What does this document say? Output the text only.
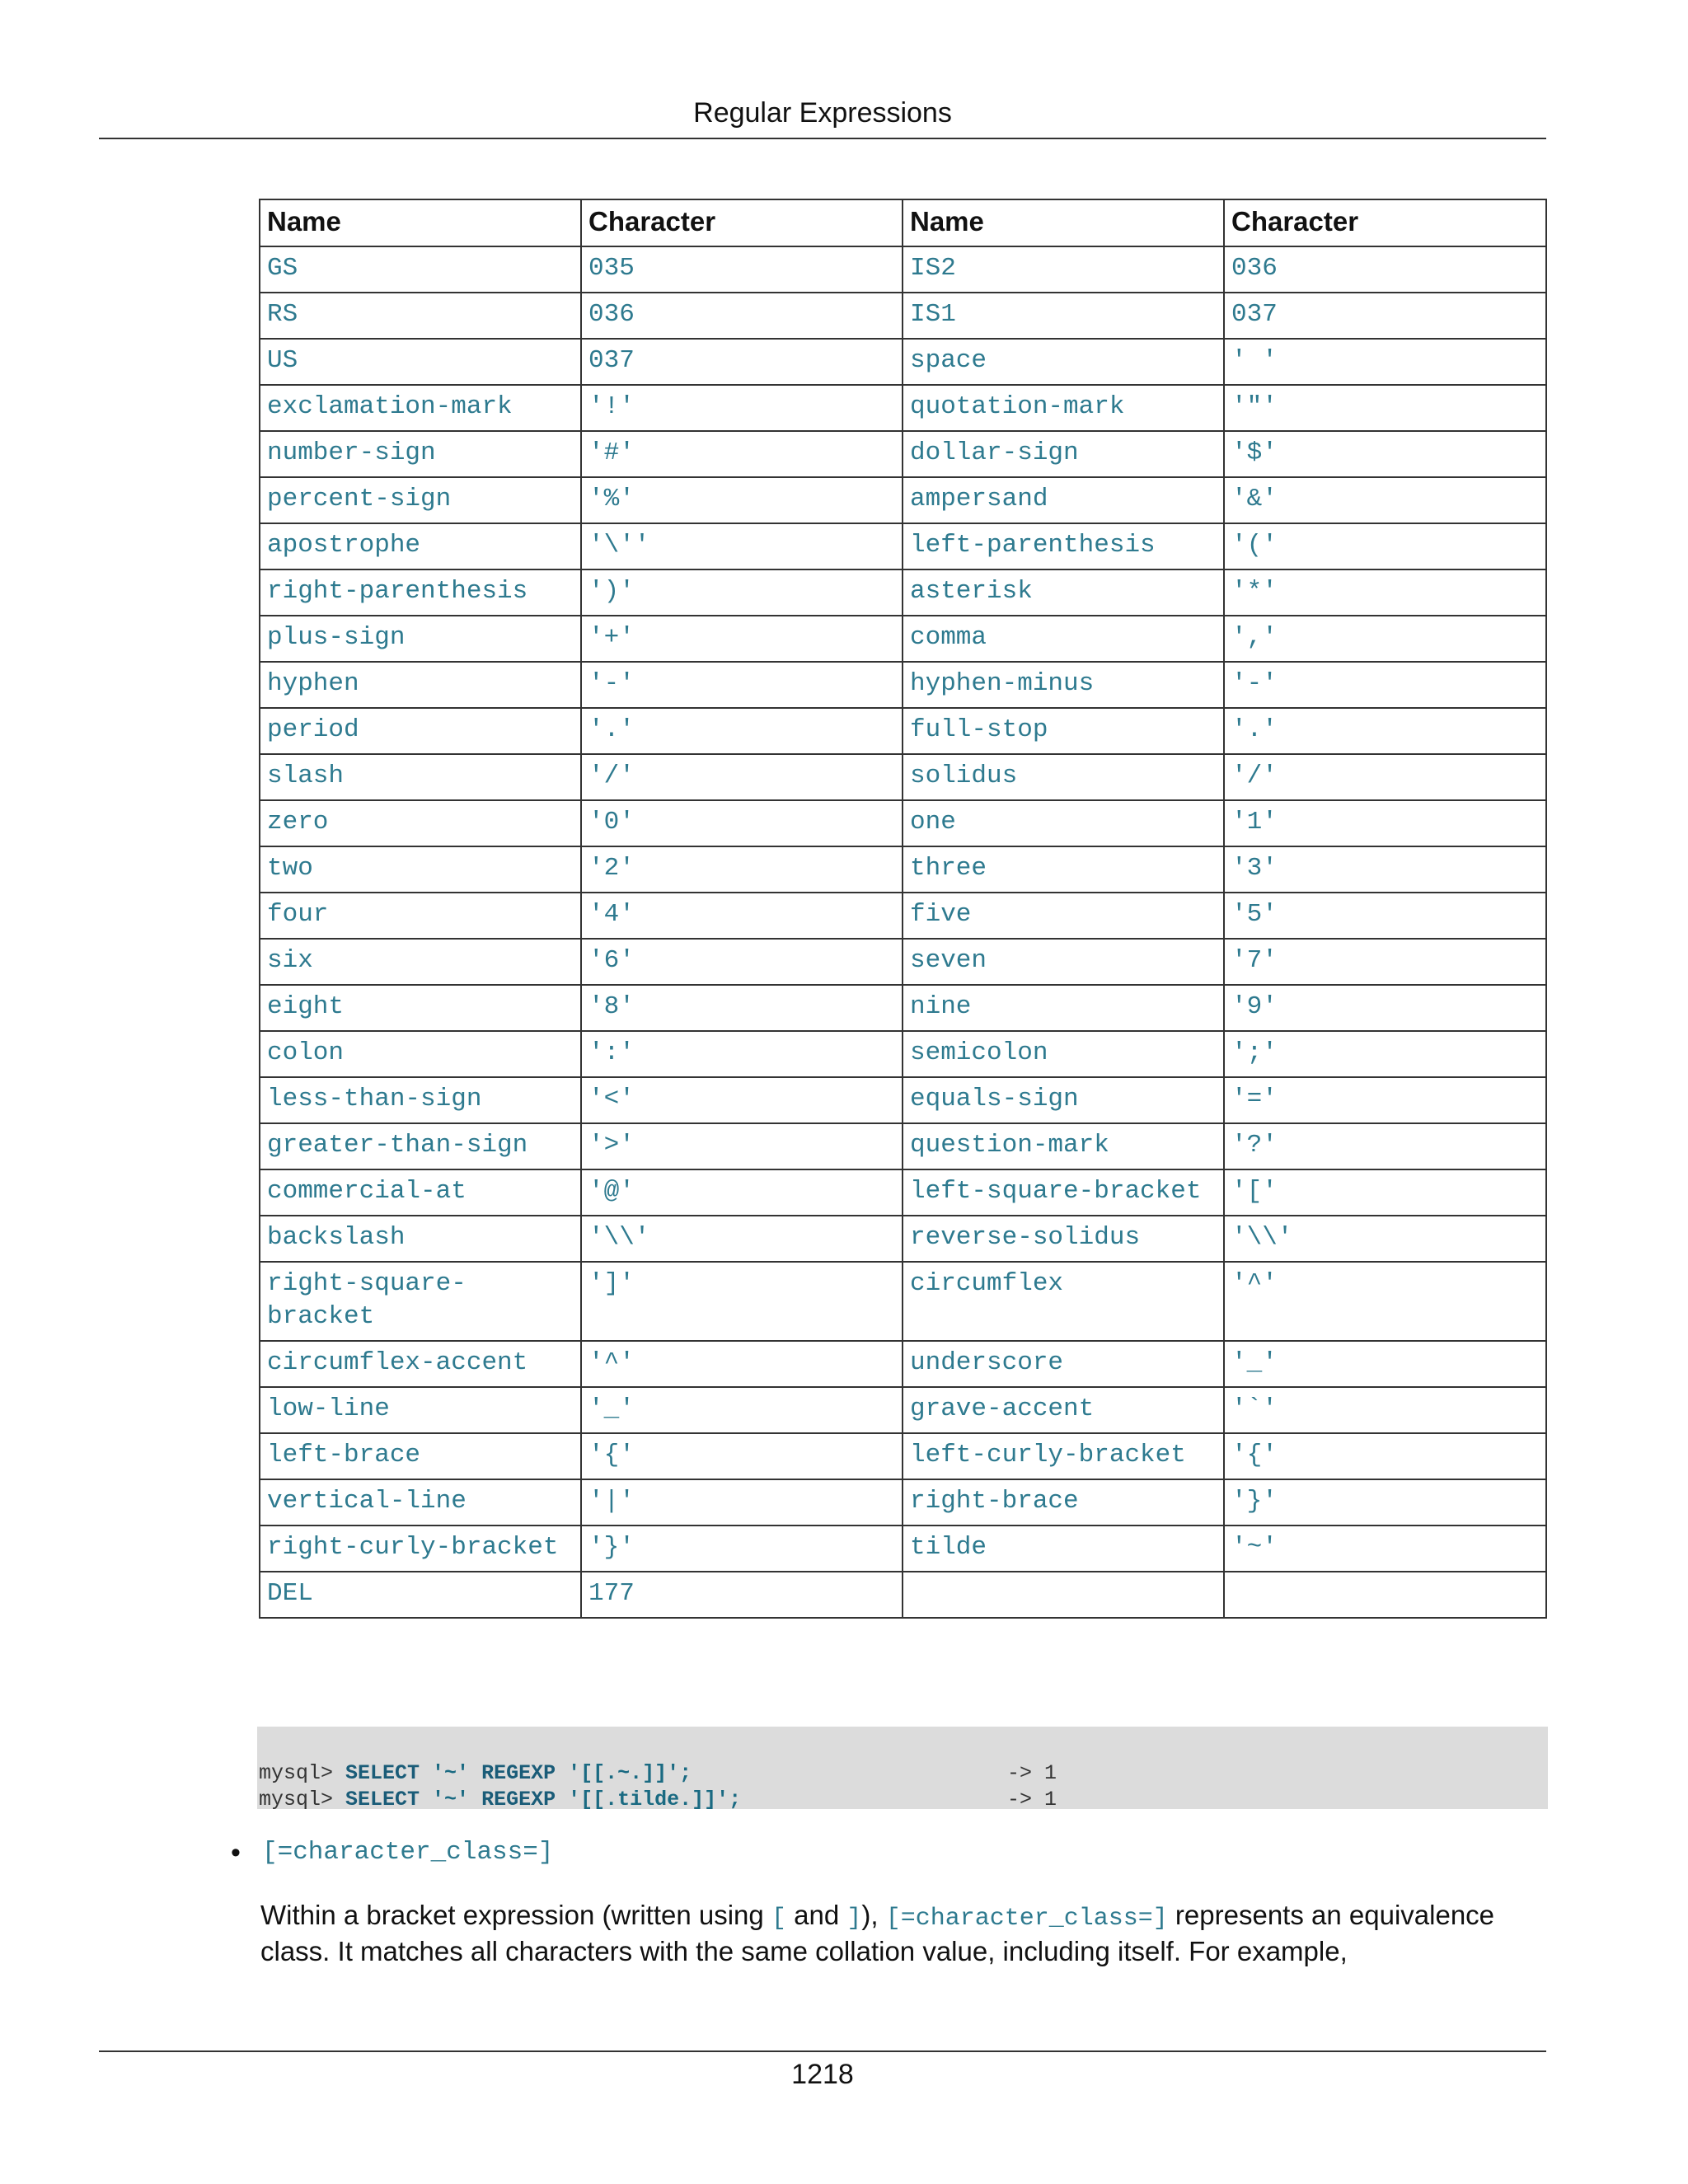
Regular Expressions
Name	Character	Name	Character
GS	035	IS2	036
RS	036	IS1	037
US	037	space	' '
exclamation-mark	'!'	quotation-mark	'"'
number-sign	'#'	dollar-sign	'$'
percent-sign	'%'	ampersand	'&'
apostrophe	'\''	left-parenthesis	'('
right-parenthesis	')'	asterisk	'*'
plus-sign	'+'	comma	','
hyphen	'-'	hyphen-minus	'-'
period	'.'	full-stop	'.'
slash	'/'	solidus	'/'
zero	'0'	one	'1'
two	'2'	three	'3'
four	'4'	five	'5'
six	'6'	seven	'7'
eight	'8'	nine	'9'
colon	':'	semicolon	';'
less-than-sign	'<'	equals-sign	'='
greater-than-sign	'>'	question-mark	'?'
commercial-at	'@'	left-square-bracket	'['
backslash	'\\'	reverse-solidus	'\\'
right-square-bracket	']'	circumflex	'^'
circumflex-accent	'^'	underscore	'_'
low-line	'_'	grave-accent	'`'
left-brace	'{'	left-curly-bracket	'{'
vertical-line	'|'	right-brace	'}'
right-curly-bracket	'}'	tilde	'~'
DEL	177		
mysql> SELECT '~' REGEXP '[[.~.]]';	-> 1
mysql> SELECT '~' REGEXP '[[.tilde.]]';	-> 1
• [=character_class=]
Within a bracket expression (written using [ and ]), [=character_class=] represents an equivalence class. It matches all characters with the same collation value, including itself. For example,
1218
